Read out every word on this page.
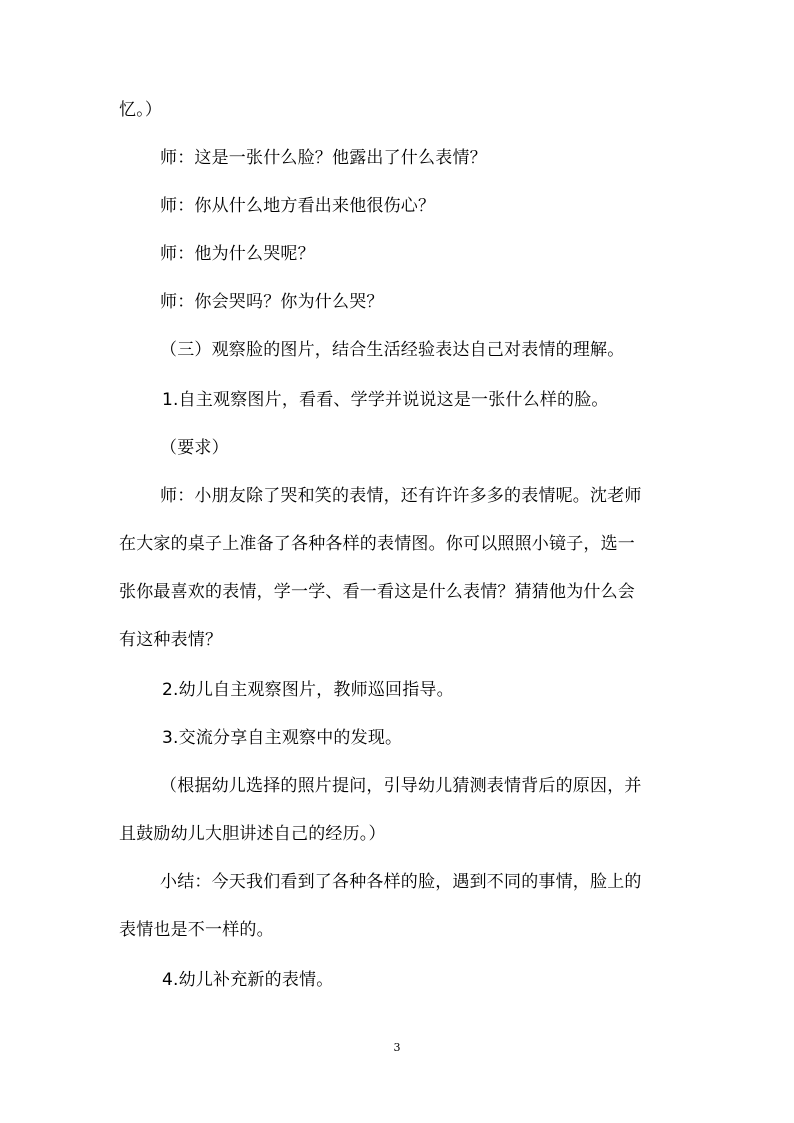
忆。）
师：这是一张什么脸？他露出了什么表情？
师：你从什么地方看出来他很伤心？
师：他为什么哭呢？
师：你会哭吗？你为什么哭？
（三）观察脸的图片，结合生活经验表达自己对表情的理解。
1.自主观察图片，看看、学学并说说这是一张什么样的脸。
（要求）
师：小朋友除了哭和笑的表情，还有许许多多的表情呢。沈老师
在大家的桌子上准备了各种各样的表情图。你可以照照小镜子，选一
张你最喜欢的表情，学一学、看一看这是什么表情？猜猜他为什么会
有这种表情？
2.幼儿自主观察图片，教师巡回指导。
3.交流分享自主观察中的发现。
（根据幼儿选择的照片提问，引导幼儿猜测表情背后的原因，并
且鼓励幼儿大胆讲述自己的经历。）
小结：今天我们看到了各种各样的脸，遇到不同的事情，脸上的
表情也是不一样的。
4.幼儿补充新的表情。
3
